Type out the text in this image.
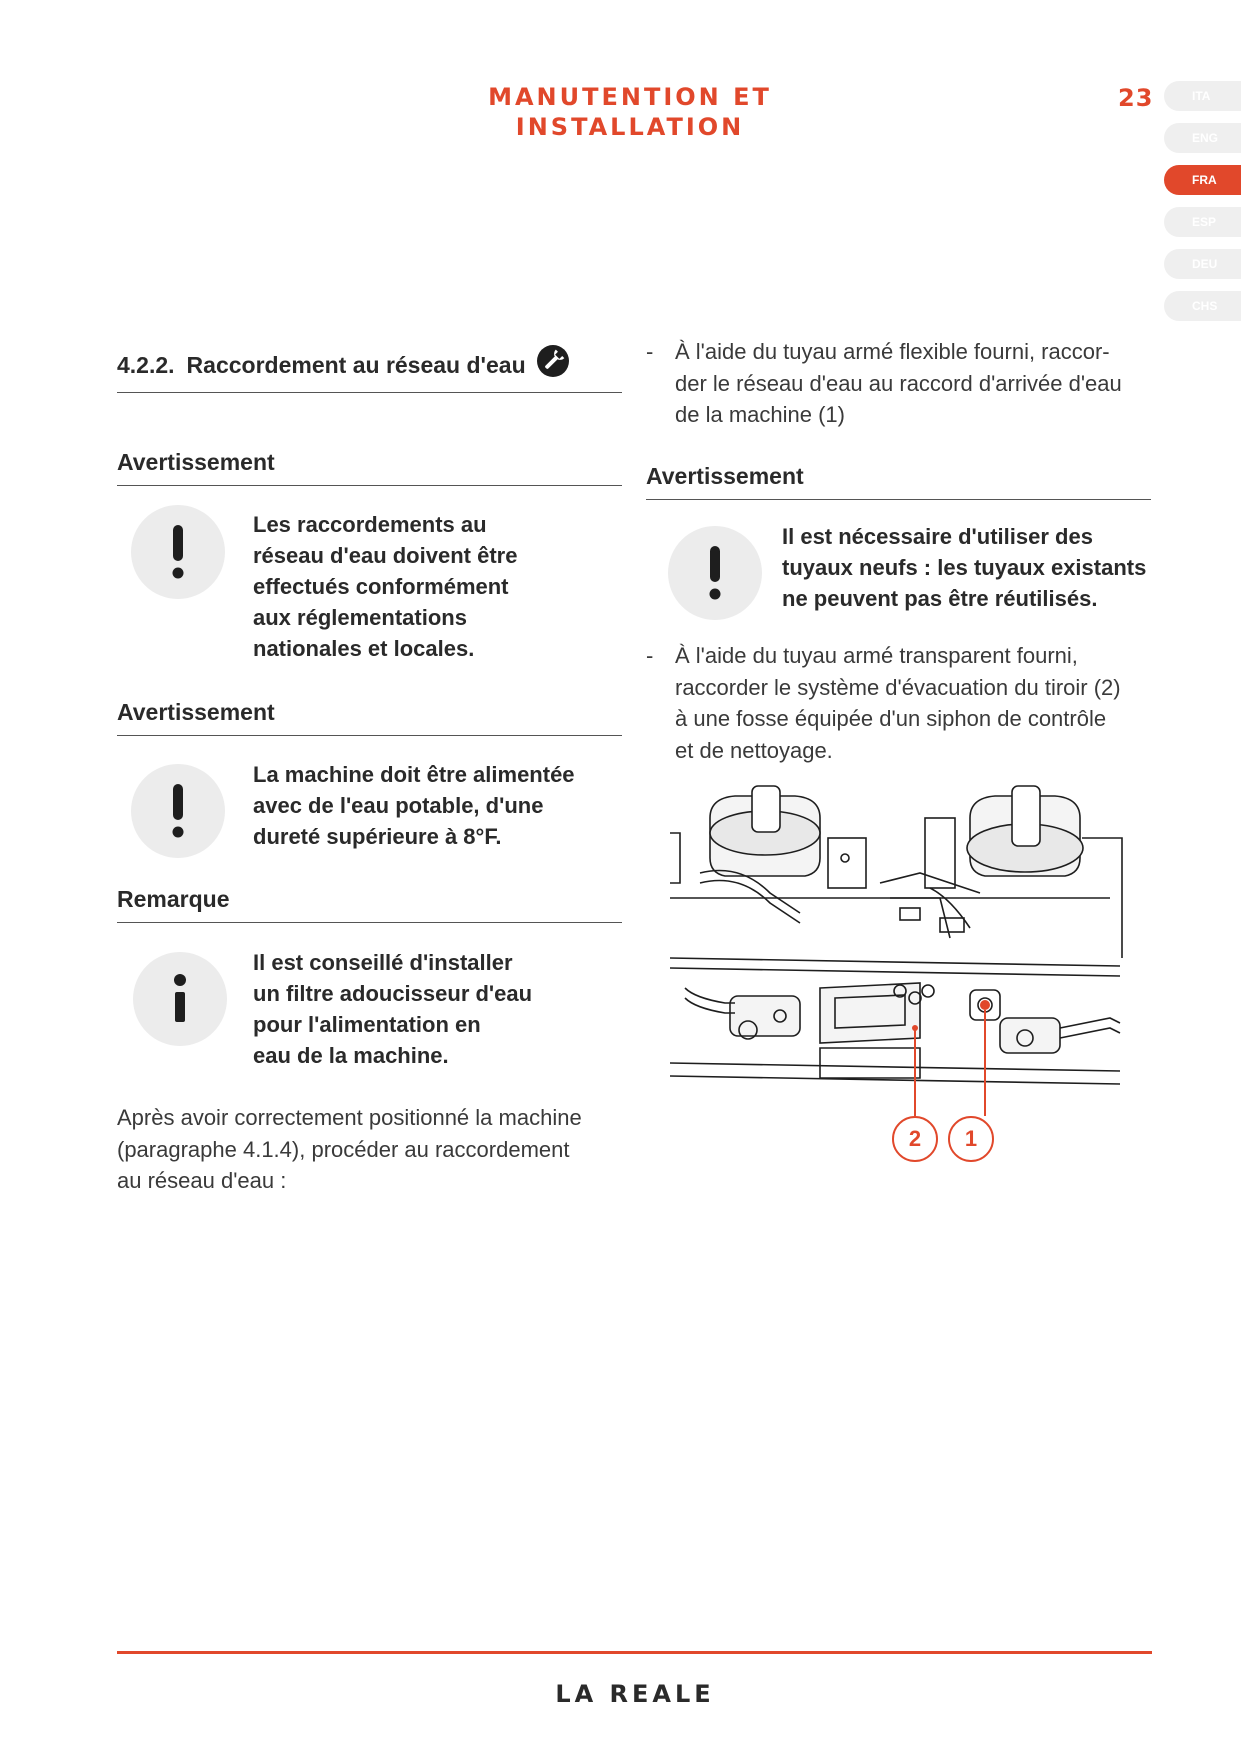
MANUTENTION ET
INSTALLATION
23	ITA
ENG
FRA
ESP
DEU
CHS
4.2.2. Raccordement au réseau d'eau
Avertissement
Les raccordements au
réseau d'eau doivent être
effectués conformément
aux réglementations
nationales et locales.
Avertissement
La machine doit être alimentée
avec de l'eau potable, d'une
dureté supérieure à 8°F.
Remarque
Il est conseillé d'installer
un filtre adoucisseur d'eau
pour l'alimentation en
eau de la machine.
Après avoir correctement positionné la machine
(paragraphe 4.1.4), procéder au raccordement
au réseau d'eau :
- À l'aide du tuyau armé flexible fourni, raccor-
der le réseau d'eau au raccord d'arrivée d'eau
de la machine (1)
Avertissement
Il est nécessaire d'utiliser des
tuyaux neufs : les tuyaux existants
ne peuvent pas être réutilisés.
- À l'aide du tuyau armé transparent fourni,
raccorder le système d'évacuation du tiroir (2)
à une fosse équipée d'un siphon de contrôle
et de nettoyage.
2	1
LA REALE
